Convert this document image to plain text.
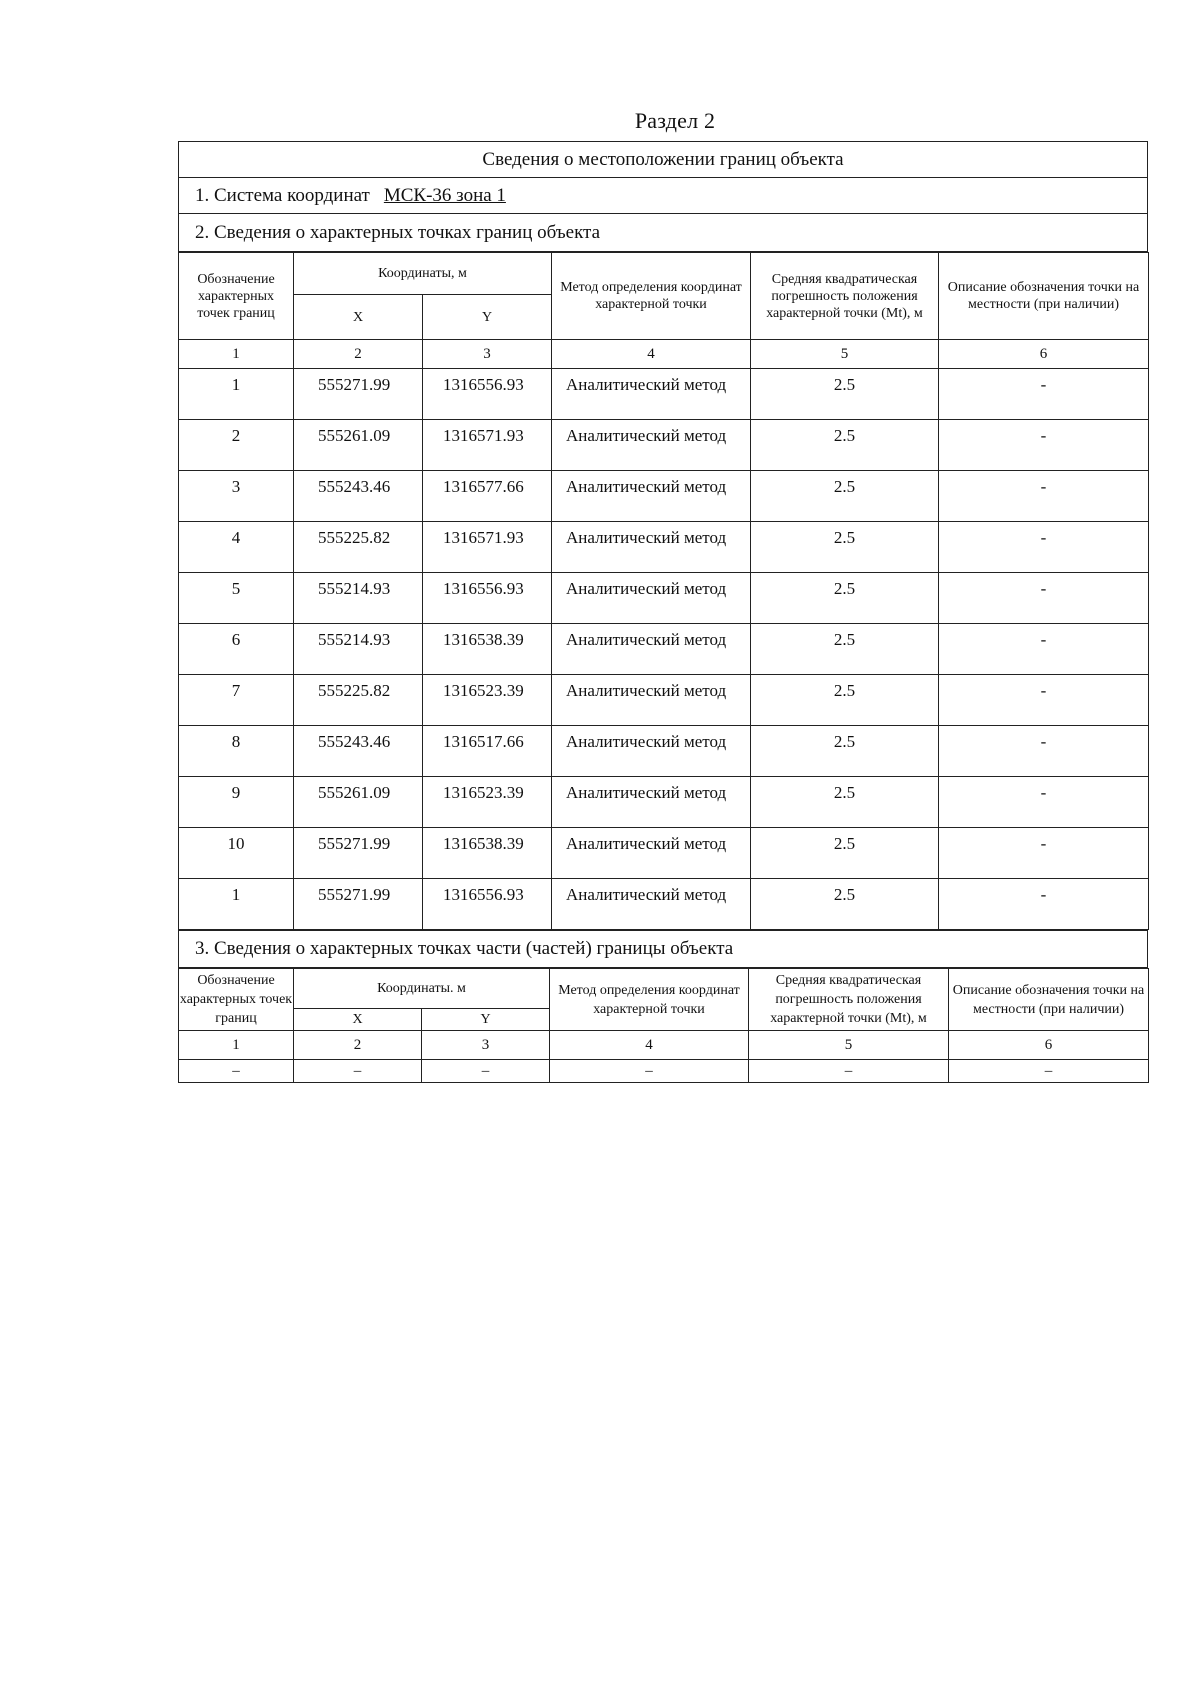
Раздел 2
Сведения о местоположении границ объекта
1. Система координат МСК-36 зона 1
2. Сведения о характерных точках границ объекта
Обозначение характерных точек границ	Координаты, м		Метод определения координат характерной точки	Средняя квадратическая погрешность положения характерной точки (Mt), м	Описание обозначения точки на местности (при наличии)
	X	Y			
1	2	3	4	5	6
1	555271.99	1316556.93	Аналитический метод	2.5	-
2	555261.09	1316571.93	Аналитический метод	2.5	-
3	555243.46	1316577.66	Аналитический метод	2.5	-
4	555225.82	1316571.93	Аналитический метод	2.5	-
5	555214.93	1316556.93	Аналитический метод	2.5	-
6	555214.93	1316538.39	Аналитический метод	2.5	-
7	555225.82	1316523.39	Аналитический метод	2.5	-
8	555243.46	1316517.66	Аналитический метод	2.5	-
9	555261.09	1316523.39	Аналитический метод	2.5	-
10	555271.99	1316538.39	Аналитический метод	2.5	-
1	555271.99	1316556.93	Аналитический метод	2.5	-
3. Сведения о характерных точках части (частей) границы объекта
Обозначение характерных точек границ	Координаты. м		Метод определения координат характерной точки	Средняя квадратическая погрешность положения характерной точки (Mt), м	Описание обозначения точки на местности (при наличии)
	X	Y			
1	2	3	4	5	6
–	–	–	–	–	–
